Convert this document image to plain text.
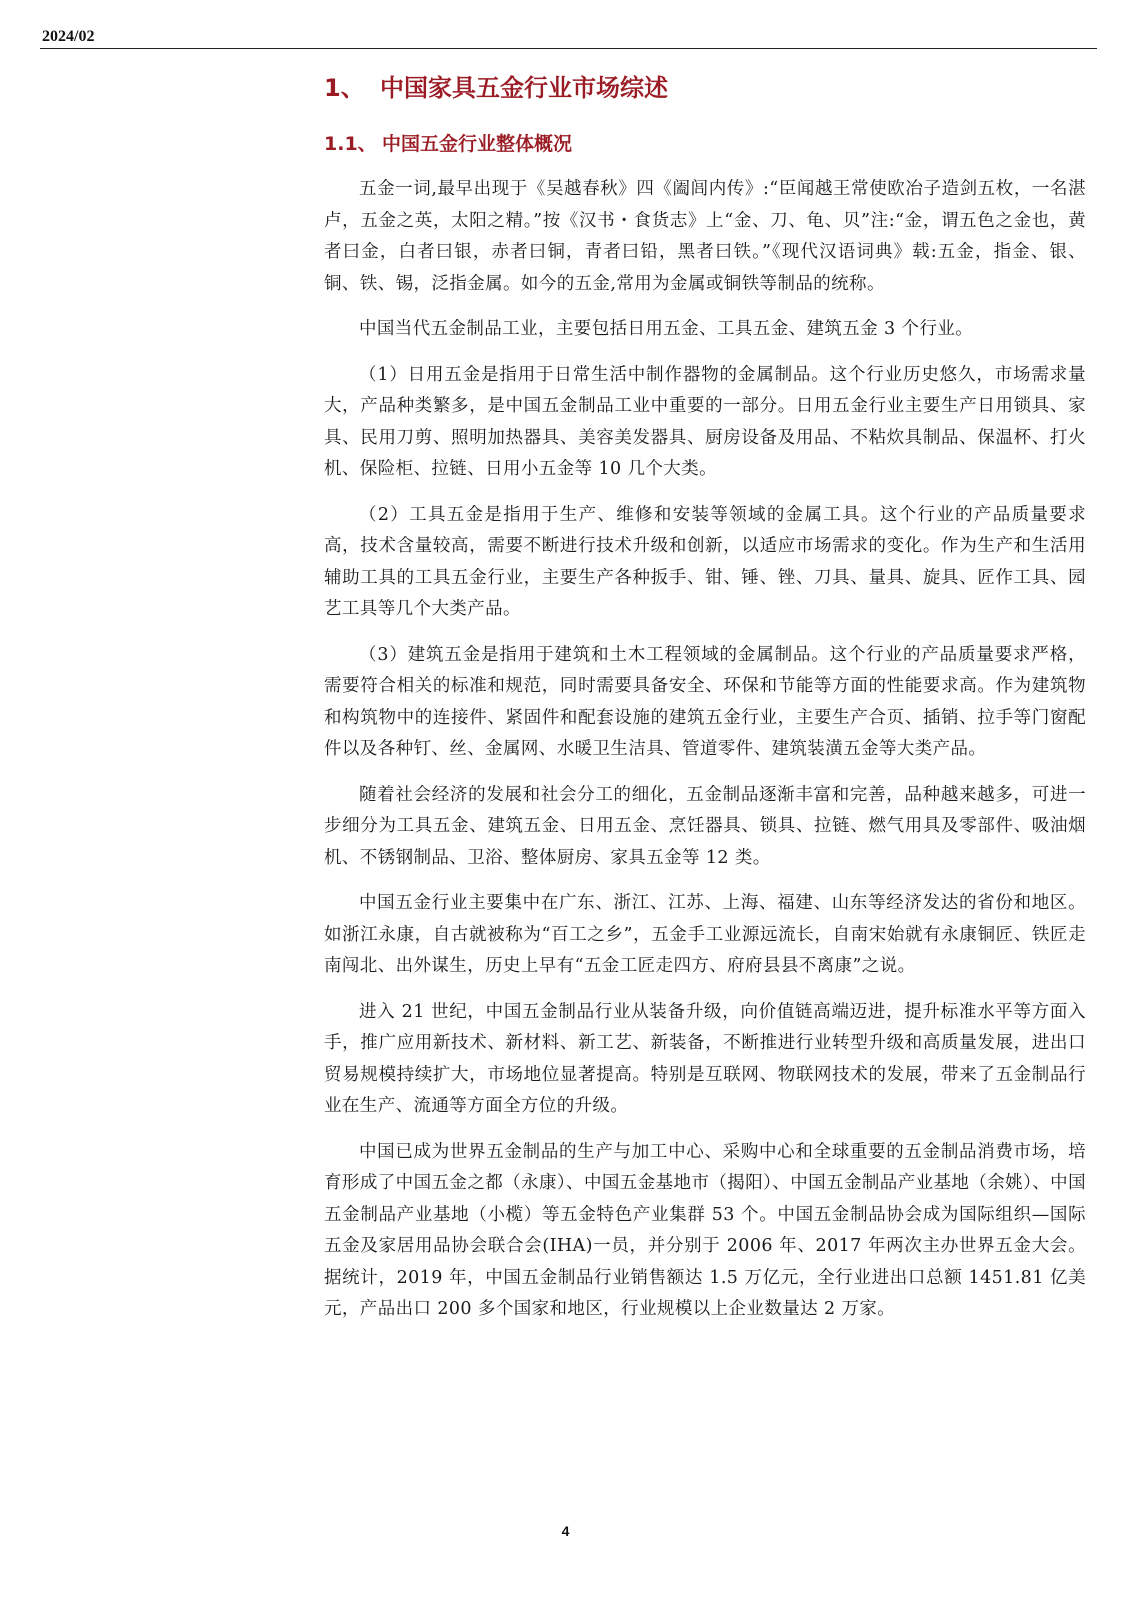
2024/02
1、 中国家具五金行业市场综述
1.1、 中国五金行业整体概况

五金一词,最早出现于《吴越春秋》四《阖闾内传》:“臣闻越王常使欧冶子造剑五枚，一名湛卢，五金之英，太阳之精。”按《汉书・食货志》上“金、刀、龟、贝”注:“金，谓五色之金也，黄者曰金，白者曰银，赤者曰铜，青者曰铅，黑者曰铁。”《现代汉语词典》载:五金，指金、银、铜、铁、锡，泛指金属。如今的五金,常用为金属或铜铁等制品的统称。

中国当代五金制品工业，主要包括日用五金、工具五金、建筑五金 3 个行业。

（1）日用五金是指用于日常生活中制作器物的金属制品。这个行业历史悠久，市场需求量大，产品种类繁多，是中国五金制品工业中重要的一部分。日用五金行业主要生产日用锁具、家具、民用刀剪、照明加热器具、美容美发器具、厨房设备及用品、不粘炊具制品、保温杯、打火机、保险柜、拉链、日用小五金等 10 几个大类。

（2）工具五金是指用于生产、维修和安装等领域的金属工具。这个行业的产品质量要求高，技术含量较高，需要不断进行技术升级和创新，以适应市场需求的变化。作为生产和生活用辅助工具的工具五金行业，主要生产各种扳手、钳、锤、锉、刀具、量具、旋具、匠作工具、园艺工具等几个大类产品。

（3）建筑五金是指用于建筑和土木工程领域的金属制品。这个行业的产品质量要求严格，需要符合相关的标准和规范，同时需要具备安全、环保和节能等方面的性能要求高。作为建筑物和构筑物中的连接件、紧固件和配套设施的建筑五金行业，主要生产合页、插销、拉手等门窗配件以及各种钉、丝、金属网、水暖卫生洁具、管道零件、建筑装潢五金等大类产品。

随着社会经济的发展和社会分工的细化，五金制品逐渐丰富和完善，品种越来越多，可进一步细分为工具五金、建筑五金、日用五金、烹饪器具、锁具、拉链、燃气用具及零部件、吸油烟机、不锈钢制品、卫浴、整体厨房、家具五金等 12 类。

中国五金行业主要集中在广东、浙江、江苏、上海、福建、山东等经济发达的省份和地区。如浙江永康，自古就被称为“百工之乡”，五金手工业源远流长，自南宋始就有永康铜匠、铁匠走南闯北、出外谋生，历史上早有“五金工匠走四方、府府县县不离康”之说。

进入 21 世纪，中国五金制品行业从装备升级，向价值链高端迈进，提升标准水平等方面入手，推广应用新技术、新材料、新工艺、新装备，不断推进行业转型升级和高质量发展，进出口贸易规模持续扩大，市场地位显著提高。特别是互联网、物联网技术的发展，带来了五金制品行业在生产、流通等方面全方位的升级。

中国已成为世界五金制品的生产与加工中心、采购中心和全球重要的五金制品消费市场，培育形成了中国五金之都（永康）、中国五金基地市（揭阳）、中国五金制品产业基地（余姚）、中国五金制品产业基地（小榄）等五金特色产业集群 53 个。中国五金制品协会成为国际组织—国际五金及家居用品协会联合会(IHA)一员，并分别于 2006 年、2017 年两次主办世界五金大会。据统计，2019 年，中国五金制品行业销售额达 1.5 万亿元，全行业进出口总额 1451.81 亿美元，产品出口 200 多个国家和地区，行业规模以上企业数量达 2 万家。

4
